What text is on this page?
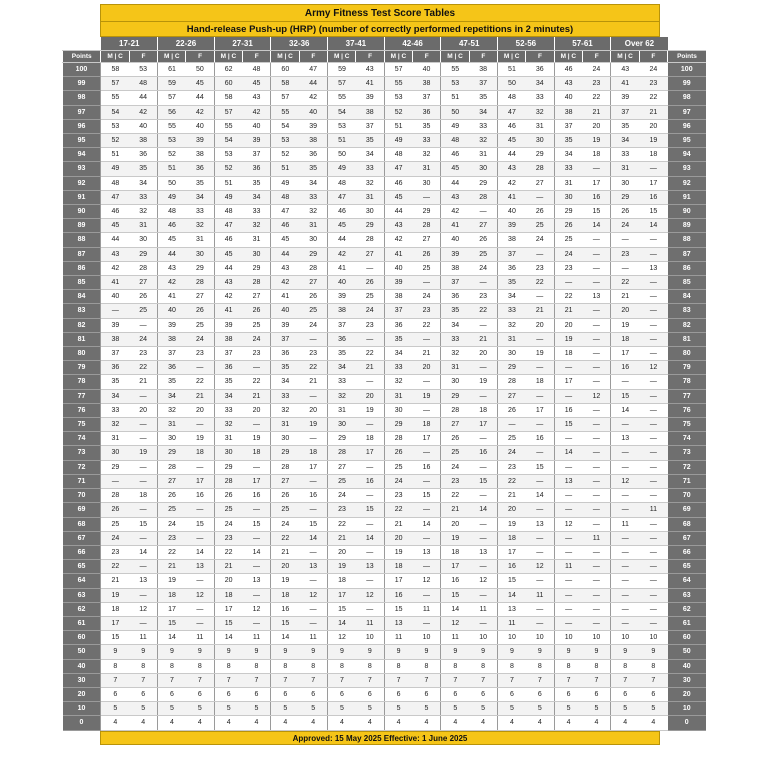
Army Fitness Test Score Tables
Hand-release Push-up (HRP) (number of correctly performed repetitions in 2 minutes)
	17-21		22-26		27-31		32-36		37-41		42-46		47-51		52-56		57-61		Over 62		
Points	M | C	F	M | C	F	M | C	F	M | C	F	M | C	F	M | C	F	M | C	F	M | C	F	M | C	F	M | C	F	Points
100	58	53	61	50	62	48	60	47	59	43	57	40	55	38	51	36	46	24	43	24	100
99	57	48	59	45	60	45	58	44	57	41	55	38	53	37	50	34	43	23	41	23	99
98	55	44	57	44	58	43	57	42	55	39	53	37	51	35	48	33	40	22	39	22	98
97	54	42	56	42	57	42	55	40	54	38	52	36	50	34	47	32	38	21	37	21	97
96	53	40	55	40	55	40	54	39	53	37	51	35	49	33	46	31	37	20	35	20	96
95	52	38	53	39	54	39	53	38	51	35	49	33	48	32	45	30	35	19	34	19	95
94	51	36	52	38	53	37	52	36	50	34	48	32	46	31	44	29	34	18	33	18	94
93	49	35	51	36	52	36	51	35	49	33	47	31	45	30	43	28	33	—	31	—	93
92	48	34	50	35	51	35	49	34	48	32	46	30	44	29	42	27	31	17	30	17	92
91	47	33	49	34	49	34	48	33	47	31	45	—	43	28	41	—	30	16	29	16	91
90	46	32	48	33	48	33	47	32	46	30	44	29	42	—	40	26	29	15	26	15	90
89	45	31	46	32	47	32	46	31	45	29	43	28	41	27	39	25	26	14	24	14	89
88	44	30	45	31	46	31	45	30	44	28	42	27	40	26	38	24	25	—	—	—	88
87	43	29	44	30	45	30	44	29	42	27	41	26	39	25	37	—	24	—	23	—	87
86	42	28	43	29	44	29	43	28	41	—	40	25	38	24	36	23	23	—	—	13	86
85	41	27	42	28	43	28	42	27	40	26	39	—	37	—	35	22	—	—	22	—	85
84	40	26	41	27	42	27	41	26	39	25	38	24	36	23	34	—	22	13	21	—	84
83	—	25	40	26	41	26	40	25	38	24	37	23	35	22	33	21	21	—	20	—	83
82	39	—	39	25	39	25	39	24	37	23	36	22	34	—	32	20	20	—	19	—	82
81	38	24	38	24	38	24	37	—	36	—	35	—	33	21	31	—	19	—	18	—	81
80	37	23	37	23	37	23	36	23	35	22	34	21	32	20	30	19	18	—	17	—	80
79	36	22	36	—	36	—	35	22	34	21	33	20	31	—	29	—	—	—	16	12	79
78	35	21	35	22	35	22	34	21	33	—	32	—	30	19	28	18	17	—	—	—	78
77	34	—	34	21	34	21	33	—	32	20	31	19	29	—	27	—	—	12	15	—	77
76	33	20	32	20	33	20	32	20	31	19	30	—	28	18	26	17	16	—	14	—	76
75	32	—	31	—	32	—	31	19	30	—	29	18	27	17	—	—	15	—	—	—	75
74	31	—	30	19	31	19	30	—	29	18	28	17	26	—	25	16	—	—	13	—	74
73	30	19	29	18	30	18	29	18	28	17	26	—	25	16	24	—	14	—	—	—	73
72	29	—	28	—	29	—	28	17	27	—	25	16	24	—	23	15	—	—	—	—	72
71	—	—	27	17	28	17	27	—	25	16	24	—	23	15	22	—	13	—	12	—	71
70	28	18	26	16	26	16	26	16	24	—	23	15	22	—	21	14	—	—	—	—	70
69	26	—	25	—	25	—	25	—	23	15	22	—	21	14	20	—	—	—	—	11	69
68	25	15	24	15	24	15	24	15	22	—	21	14	20	—	19	13	12	—	11	—	68
67	24	—	23	—	23	—	22	14	21	14	20	—	19	—	18	—	—	11	—	—	67
66	23	14	22	14	22	14	21	—	20	—	19	13	18	13	17	—	—	—	—	—	66
65	22	—	21	13	21	—	20	13	19	13	18	—	17	—	16	12	11	—	—	—	65
64	21	13	19	—	20	13	19	—	18	—	17	12	16	12	15	—	—	—	—	—	64
63	19	—	18	12	18	—	18	12	17	12	16	—	15	—	14	11	—	—	—	—	63
62	18	12	17	—	17	12	16	—	15	—	15	11	14	11	13	—	—	—	—	—	62
61	17	—	15	—	15	—	15	—	14	11	13	—	12	—	11	—	—	—	—	—	61
60	15	11	14	11	14	11	14	11	12	10	11	10	11	10	10	10	10	10	10	10	60
50	9	9	9	9	9	9	9	9	9	9	9	9	9	9	9	9	9	9	9	9	50
40	8	8	8	8	8	8	8	8	8	8	8	8	8	8	8	8	8	8	8	8	40
30	7	7	7	7	7	7	7	7	7	7	7	7	7	7	7	7	7	7	7	7	30
20	6	6	6	6	6	6	6	6	6	6	6	6	6	6	6	6	6	6	6	6	20
10	5	5	5	5	5	5	5	5	5	5	5	5	5	5	5	5	5	5	5	5	10
0	4	4	4	4	4	4	4	4	4	4	4	4	4	4	4	4	4	4	4	4	0
Approved: 15 May 2025 Effective: 1 June 2025
